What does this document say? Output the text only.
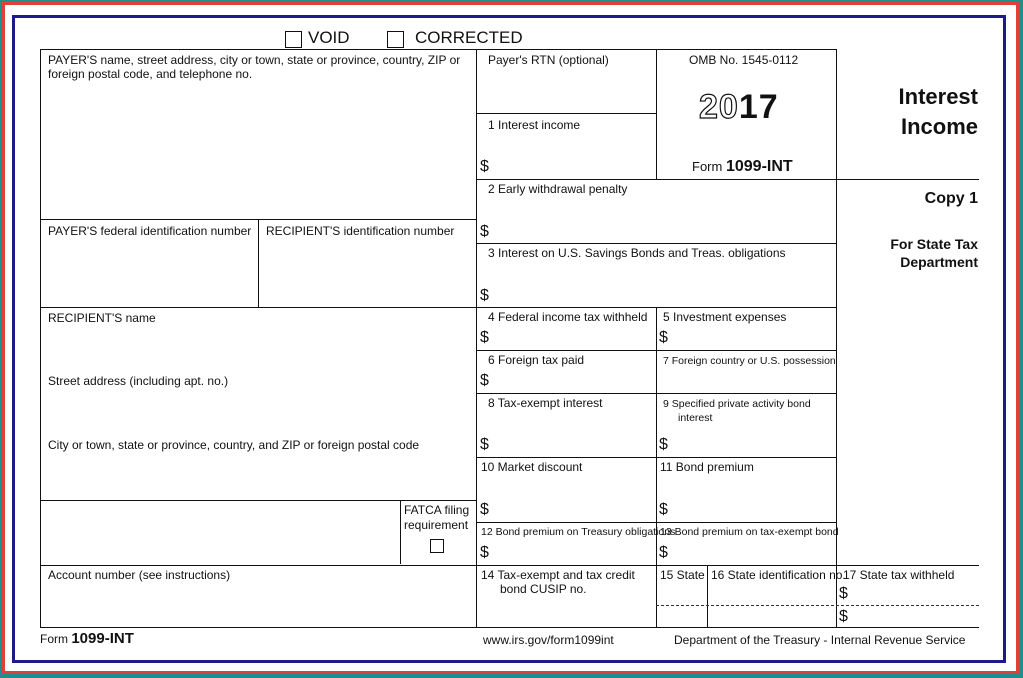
VOID	CORRECTED
PAYER'S name, street address, city or town, state or province, country, ZIP or foreign postal code, and telephone no.
PAYER'S federal identification number RECIPIENT'S identification number
RECIPIENT'S name
Street address (including apt. no.)
City or town, state or province, country, and ZIP or foreign postal code
FATCA filing
requirement
Account number (see instructions)
Payer's RTN (optional)
1 Interest income
$
2 Early withdrawal penalty
$
3 Interest on U.S. Savings Bonds and Treas. obligations
$
4 Federal income tax withheld
$
5 Investment expenses
$
6 Foreign tax paid
$
7 Foreign country or U.S. possession
8 Tax-exempt interest
$
9 Specified private activity bond
interest
$
10 Market discount
$
11 Bond premium
$
12 Bond premium on Treasury obligations
$
13 Bond premium on tax-exempt bond
$
14 Tax-exempt and tax credit
bond CUSIP no.
15 State 16 State identification no.
17 State tax withheld
$
$
OMB No. 1545-0112
2017
Form 1099-INT
Interest
Income
Copy 1
For State Tax
Department
Form 1099-INT	www.irs.gov/form1099int	Department of the Treasury - Internal Revenue Service
